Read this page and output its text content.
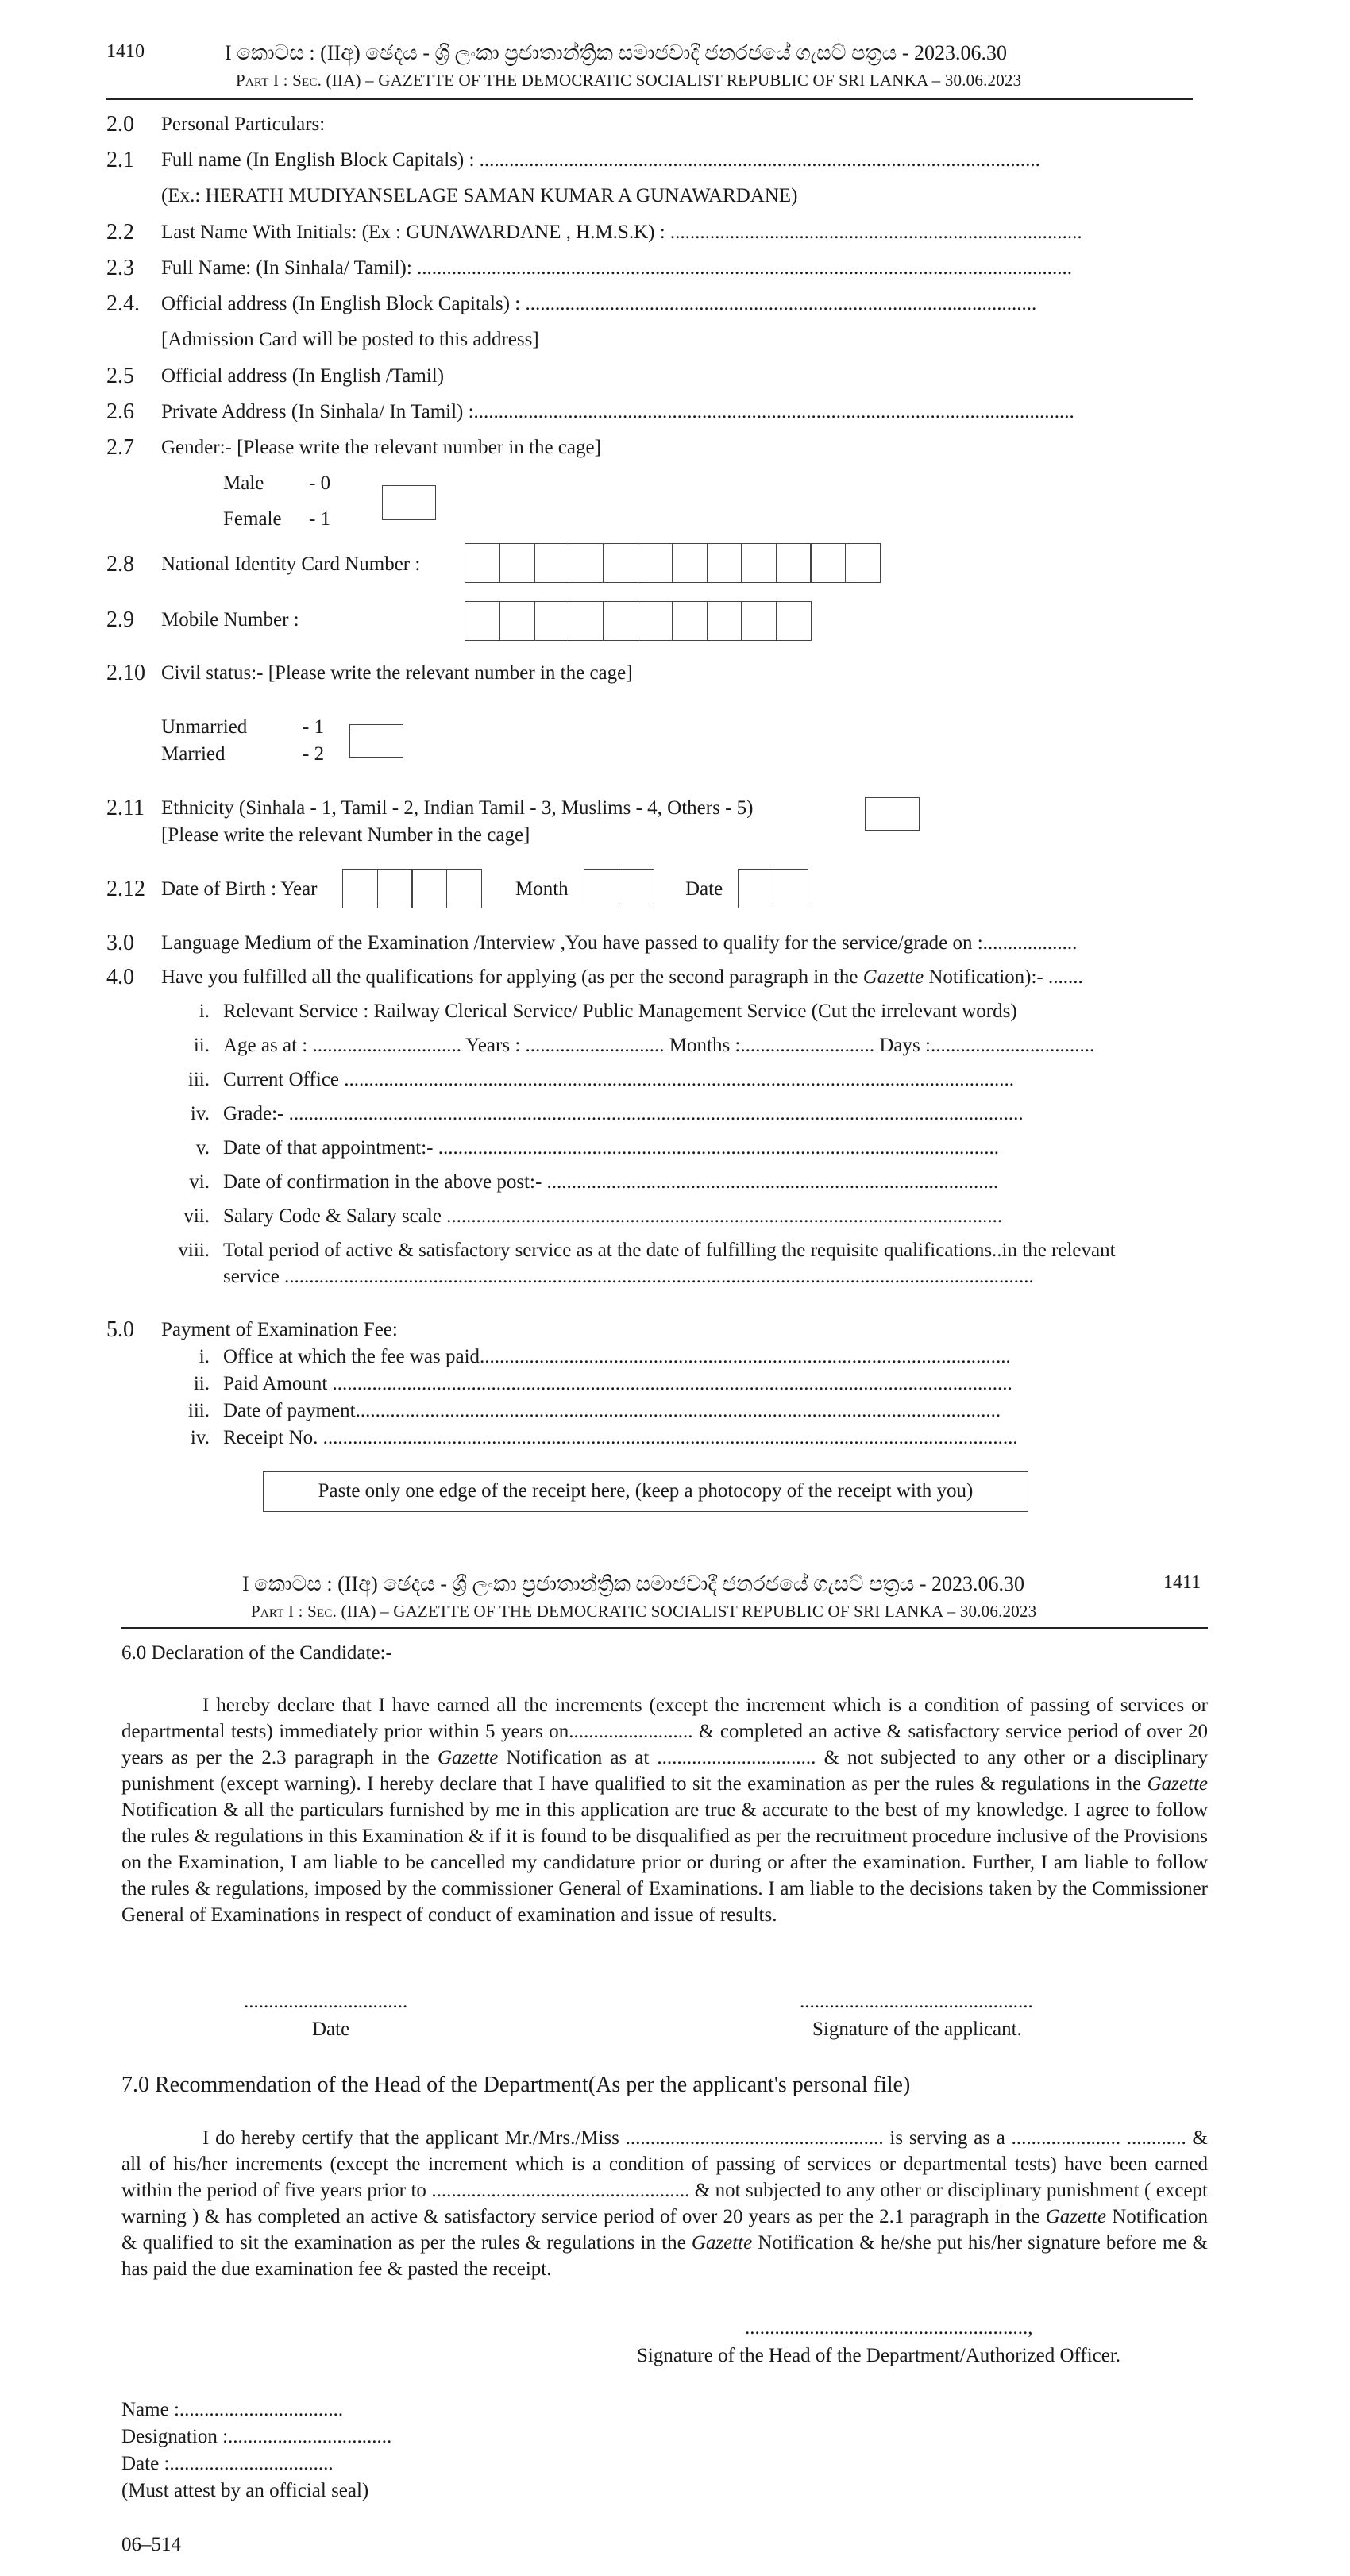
1410	I කොටස : (IIඅ) ඡෙදය - ශ්‍රී ලංකා ප්‍රජාතාන්ත්‍රික සමාජවාදී ජනරජයේ ගැසට් පත්‍රය - 2023.06.30
Part I : Sec. (IIA) – GAZETTE OF THE DEMOCRATIC SOCIALIST REPUBLIC OF SRI LANKA – 30.06.2023
2.0	Personal Particulars:
2.1	Full name (In English Block Capitals) : .................................................................................................................
(Ex.: HERATH MUDIYANSELAGE SAMAN KUMAR A GUNAWARDANE)
2.2	Last Name With Initials: (Ex : GUNAWARDANE , H.M.S.K) : ...................................................................................
2.3	Full Name: (In Sinhala/ Tamil): ....................................................................................................................................
2.4.	Official address (In English Block Capitals) : .......................................................................................................
[Admission Card will be posted to this address]
2.5	Official address (In English /Tamil)
2.6	Private Address (In Sinhala/ In Tamil) :.........................................................................................................................
2.7	Gender:- [Please write the relevant number in the cage]
Male - 0
Female - 1
2.8	National Identity Card Number :
2.9	Mobile Number :
2.10 Civil status:- [Please write the relevant number in the cage]
Unmarried	- 1
Married	- 2
2.11 Ethnicity (Sinhala - 1, Tamil - 2, Indian Tamil - 3, Muslims - 4, Others - 5)
[Please write the relevant Number in the cage]
2.12 Date of Birth : Year	Month	Date
3.0	Language Medium of the Examination /Interview ,You have passed to qualify for the service/grade on :...................
4.0	Have you fulfilled all the qualifications for applying (as per the second paragraph in the Gazette Notification):- .......
i. Relevant Service : Railway Clerical Service/ Public Management Service (Cut the irrelevant words)
ii. Age as at : .............................. Years : ............................ Months :........................... Days :.................................
iii. Current Office .......................................................................................................................................
iv. Grade:- ....................................................................................................................................................
v. Date of that appointment:- .................................................................................................................
vi. Date of confirmation in the above post:- ...........................................................................................
vii. Salary Code & Salary scale ................................................................................................................
viii. Total period of active & satisfactory service as at the date of fulfilling the requisite qualifications..in the relevant
service .......................................................................................................................................................
5.0	Payment of Examination Fee:
i. Office at which the fee was paid...........................................................................................................
ii. Paid Amount .........................................................................................................................................
iii. Date of payment..................................................................................................................................
iv. Receipt No. ............................................................................................................................................
Paste only one edge of the receipt here, (keep a photocopy of the receipt with you)
I කොටස : (IIඅ) ඡෙදය - ශ්‍රී ලංකා ප්‍රජාතාන්ත්‍රික සමාජවාදී ජනරජයේ ගැසට් පත්‍රය - 2023.06.30	1411
Part I : Sec. (IIA) – GAZETTE OF THE DEMOCRATIC SOCIALIST REPUBLIC OF SRI LANKA – 30.06.2023
6.0 Declaration of the Candidate:-

I hereby declare that I have earned all the increments (except the increment which is a condition of passing of services or departmental tests) immediately prior within 5 years on......................... & completed an active & satisfactory service period of over 20 years as per the 2.3 paragraph in the Gazette Notification as at ................................ & not subjected to any other or a disciplinary punishment (except warning). I hereby declare that I have qualified to sit the examination as per the rules & regulations in the Gazette Notification & all the particulars furnished by me in this application are true & accurate to the best of my knowledge. I agree to follow the rules & regulations in this Examination & if it is found to be disqualified as per the recruitment procedure inclusive of the Provisions on the Examination, I am liable to be cancelled my candidature prior or during or after the examination. Further, I am liable to follow the rules & regulations, imposed by the commissioner General of Examinations. I am liable to the decisions taken by the Commissioner General of Examinations in respect of conduct of examination and issue of results.

.................................
Date
...............................................
Signature of the applicant.
7.0 Recommendation of the Head of the Department(As per the applicant's personal file)

I do hereby certify that the applicant Mr./Mrs./Miss .................................................... is serving as a ...................... ............ & all of his/her increments (except the increment which is a condition of passing of services or departmental tests) have been earned within the period of five years prior to .................................................... & not subjected to any other or disciplinary punishment ( except warning ) & has completed an active & satisfactory service period of over 20 years as per the 2.1 paragraph in the Gazette Notification & qualified to sit the examination as per the rules & regulations in the Gazette Notification & he/she put his/her signature before me & has paid the due examination fee & pasted the receipt.

.........................................................,
Signature of the Head of the Department/Authorized Officer.
Name :.................................
Designation :.................................
Date :.................................
(Must attest by an official seal)
06–514
